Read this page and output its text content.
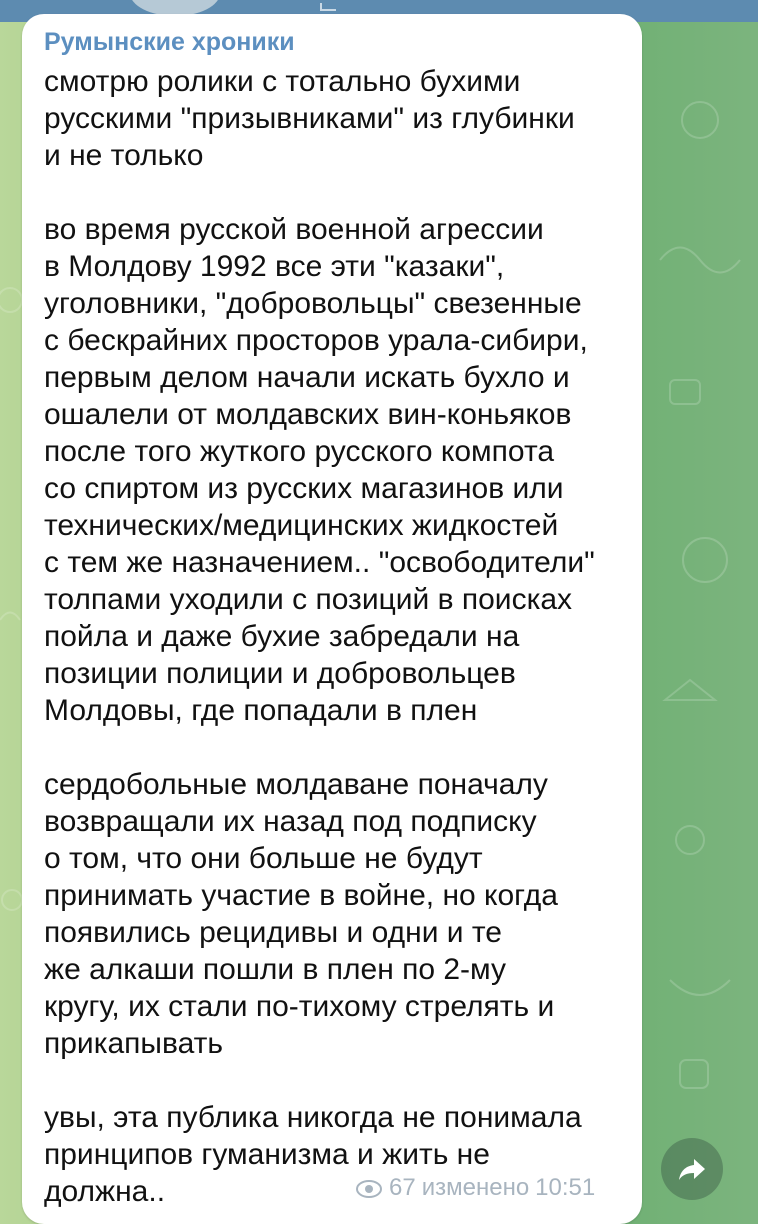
Румынские хроники

смотрю ролики с тотально бухими
русскими "призывниками" из глубинки
и не только

во время русской военной агрессии
в Молдову 1992 все эти "казаки",
уголовники, "добровольцы" свезенные
с бескрайних просторов урала-сибири,
первым делом начали искать бухло и
ошалели от молдавских вин-коньяков
после того жуткого русского компота
со спиртом из русских магазинов или
технических/медицинских жидкостей
с тем же назначением.. "освободители"
толпами уходили с позиций в поисках
пойла и даже бухие забредали на
позиции полиции и добровольцев
Молдовы, где попадали в плен

сердобольные молдаване поначалу
возвращали их назад под подписку
о том, что они больше не будут
принимать участие в войне, но когда
появились рецидивы и одни и те
же алкаши пошли в плен по 2-му
кругу, их стали по-тихому стрелять и
прикапывать

увы, эта публика никогда не понимала
принципов гуманизма и жить не
должна..	67 изменено 10:51
